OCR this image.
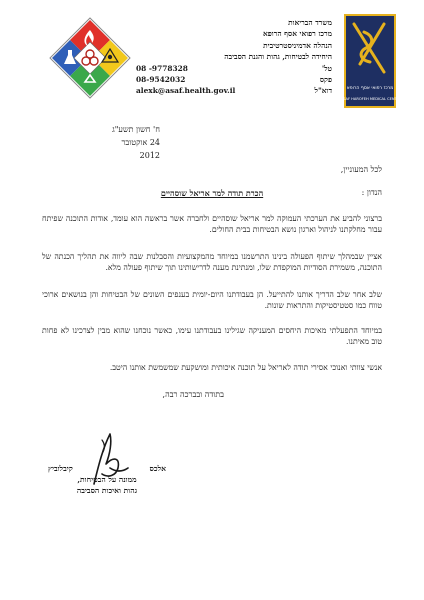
משרד הבריאות
מרכז רפואי אסף הרופא
הנהלה אדמיניסטרטיבית
היחידה לבטיחות, גהות והגנת הסביבה
טל'
08 -9778328
פקס
08-9542032
דוא"ל
alexk@asaf.health.gov.il	מרכז רפואי אסף הרופא
ASSAF HAROFEH MEDICAL CENTER
ח' חשון תשע"ג
24 אוקטובר 2012
לכל המעוניין,
הנדון :
הכרת תודה למר אריאל שוסהיים

ברצוני להביע את הערכתי העמוקה למר אריאל שוסהיים ולחברה אשר בראשה הוא עומד, אודות התוכנה שפיתח עבור מחלקתנו לניהול וארגון נושא הבטיחות בבית החולים.

אציין שבמהלך שיתוף הפעולה בינינו התרשמנו במיוחד מהמקצועיות והסבלנות שבה ליווה את תהליך הכנתה של התוכנה, משמירת הסודיות המוקפדת שלו, ומנתינת מענה לדרישותינו תוך שיתוף פעולה מלא.

שלב אחר שלב הדריך אותנו להתייעל. הן בעבודתנו היום-יומית בענפים השונים של הבטיחות והן בנושאים ארוכי טווח כמו סטטיסטיקות והתראות שונות.

במיוחד התפעלתי מאיכות היחסים המעניקה שגילינו בעבודתנו עימו, כאשר נוכחנו שהוא מבין לצרכינו לא פחות טוב מאיתנו.

אנשי צוותי ואנוכי אסירי תודה לאריאל על תוכנה איכותית ומושקעת שמשמשת אותנו היטב.

בתודה ובברכה רבה,
אלכס
קיבלוביץ
ממונה על הבטיחות,
גהות ואיכות הסביבה
